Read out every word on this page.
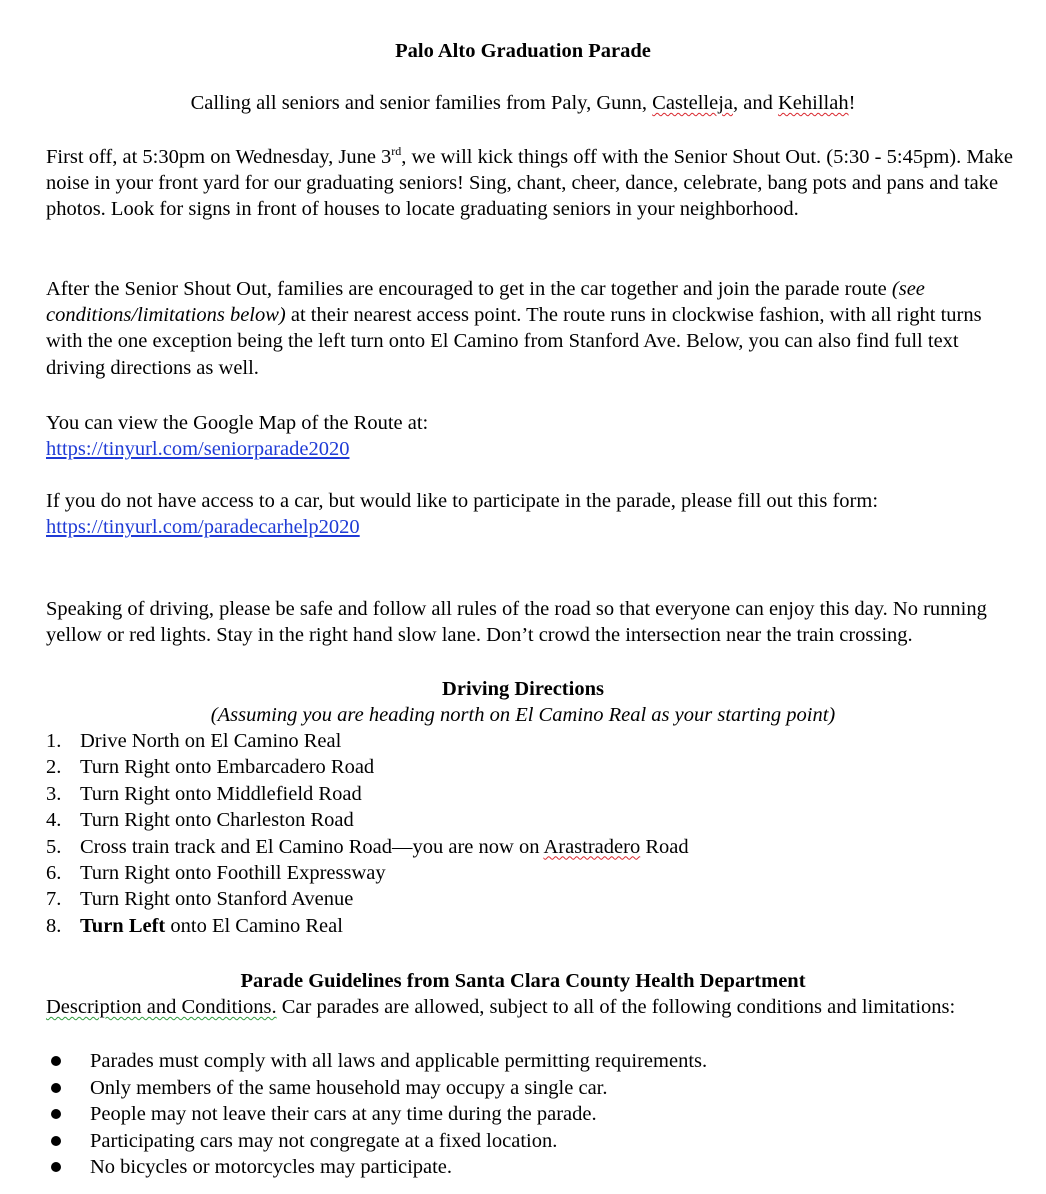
Palo Alto Graduation Parade

Calling all seniors and senior families from Paly, Gunn, Castelleja, and Kehillah!

First off, at 5:30pm on Wednesday, June 3rd, we will kick things off with the Senior Shout Out. (5:30 - 5:45pm). Make noise in your front yard for our graduating seniors! Sing, chant, cheer, dance, celebrate, bang pots and pans and take photos. Look for signs in front of houses to locate graduating seniors in your neighborhood.

After the Senior Shout Out, families are encouraged to get in the car together and join the parade route (see conditions/limitations below) at their nearest access point. The route runs in clockwise fashion, with all right turns with the one exception being the left turn onto El Camino from Stanford Ave. Below, you can also find full text driving directions as well.

You can view the Google Map of the Route at:
https://tinyurl.com/seniorparade2020

If you do not have access to a car, but would like to participate in the parade, please fill out this form:
https://tinyurl.com/paradecarhelp2020

Speaking of driving, please be safe and follow all rules of the road so that everyone can enjoy this day. No running yellow or red lights. Stay in the right hand slow lane. Don’t crowd the intersection near the train crossing.

Driving Directions

(Assuming you are heading north on El Camino Real as your starting point)

1. Drive North on El Camino Real
2. Turn Right onto Embarcadero Road
3. Turn Right onto Middlefield Road
4. Turn Right onto Charleston Road
5. Cross train track and El Camino Road—you are now on Arastradero Road
6. Turn Right onto Foothill Expressway
7. Turn Right onto Stanford Avenue
8. Turn Left onto El Camino Real

Parade Guidelines from Santa Clara County Health Department

Description and Conditions. Car parades are allowed, subject to all of the following conditions and limitations:

Parades must comply with all laws and applicable permitting requirements.
Only members of the same household may occupy a single car.
People may not leave their cars at any time during the parade.
Participating cars may not congregate at a fixed location.
No bicycles or motorcycles may participate.
